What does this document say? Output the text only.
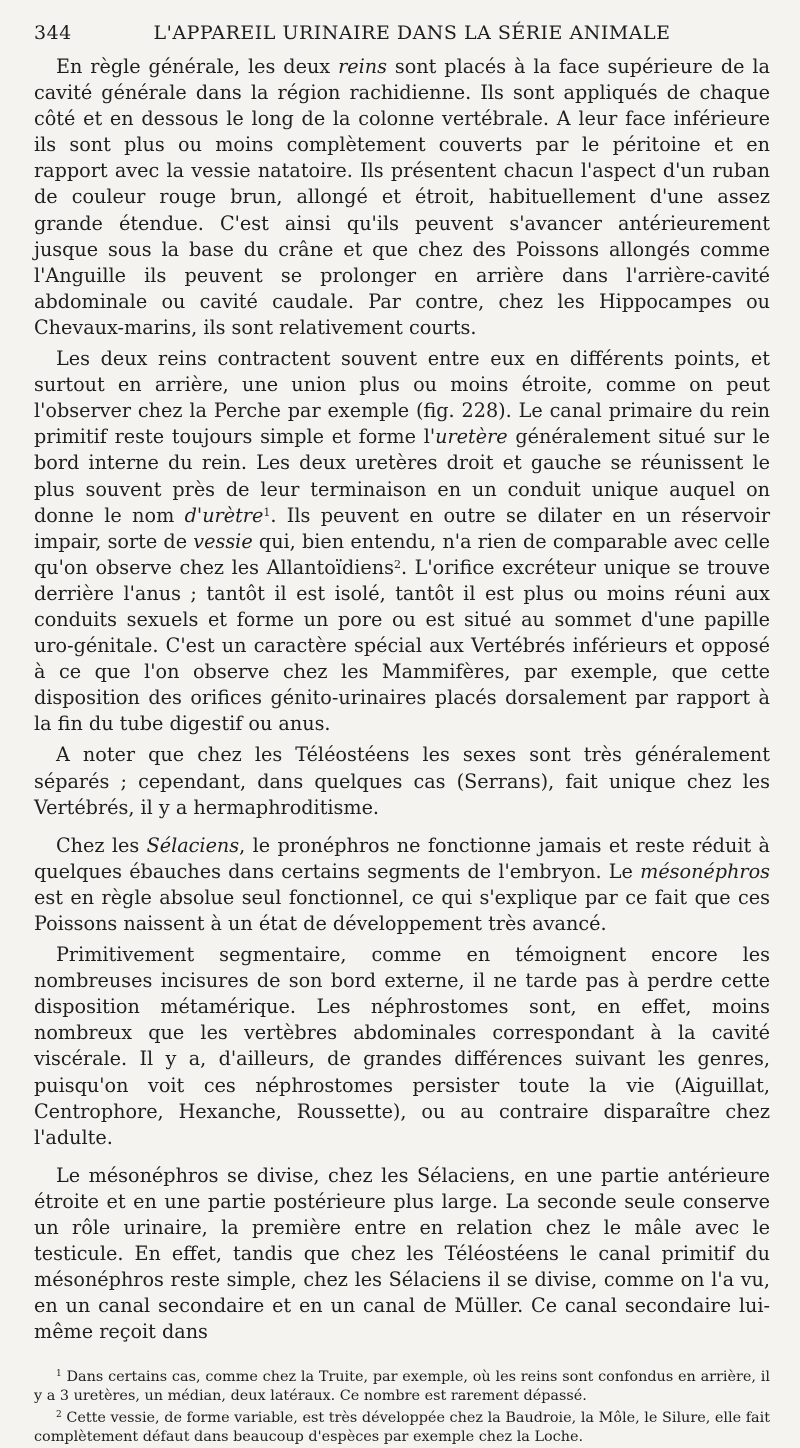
344	L'APPAREIL URINAIRE DANS LA SÉRIE ANIMALE

En règle générale, les deux reins sont placés à la face supérieure de la cavité générale dans la région rachidienne. Ils sont appliqués de chaque côté et en dessous le long de la colonne vertébrale. A leur face inférieure ils sont plus ou moins complètement couverts par le péritoine et en rapport avec la vessie natatoire. Ils présentent chacun l'aspect d'un ruban de couleur rouge brun, allongé et étroit, habituellement d'une assez grande étendue. C'est ainsi qu'ils peuvent s'avancer antérieurement jusque sous la base du crâne et que chez des Poissons allongés comme l'Anguille ils peuvent se prolonger en arrière dans l'arrière-cavité abdominale ou cavité caudale. Par contre, chez les Hippocampes ou Chevaux-marins, ils sont relativement courts.

Les deux reins contractent souvent entre eux en différents points, et surtout en arrière, une union plus ou moins étroite, comme on peut l'observer chez la Perche par exemple (fig. 228). Le canal primaire du rein primitif reste toujours simple et forme l'uretère généralement situé sur le bord interne du rein. Les deux uretères droit et gauche se réunissent le plus souvent près de leur terminaison en un conduit unique auquel on donne le nom d'urètre$^1$. Ils peuvent en outre se dilater en un réservoir impair, sorte de vessie qui, bien entendu, n'a rien de comparable avec celle qu'on observe chez les Allantoïdiens$^2$. L'orifice excréteur unique se trouve derrière l'anus ; tantôt il est isolé, tantôt il est plus ou moins réuni aux conduits sexuels et forme un pore ou est situé au sommet d'une papille uro-génitale. C'est un caractère spécial aux Vertébrés inférieurs et opposé à ce que l'on observe chez les Mammifères, par exemple, que cette disposition des orifices génito-urinaires placés dorsalement par rapport à la fin du tube digestif ou anus.

A noter que chez les Téléostéens les sexes sont très généralement séparés ; cependant, dans quelques cas (Serrans), fait unique chez les Vertébrés, il y a hermaphroditisme.

Chez les Sélaciens, le pronéphros ne fonctionne jamais et reste réduit à quelques ébauches dans certains segments de l'embryon. Le mésonéphros est en règle absolue seul fonctionnel, ce qui s'explique par ce fait que ces Poissons naissent à un état de développement très avancé.

Primitivement segmentaire, comme en témoignent encore les nombreuses incisures de son bord externe, il ne tarde pas à perdre cette disposition métamérique. Les néphrostomes sont, en effet, moins nombreux que les vertèbres abdominales correspondant à la cavité viscérale. Il y a, d'ailleurs, de grandes différences suivant les genres, puisqu'on voit ces néphrostomes persister toute la vie (Aiguillat, Centrophore, Hexanche, Roussette), ou au contraire disparaître chez l'adulte.

Le mésonéphros se divise, chez les Sélaciens, en une partie antérieure étroite et en une partie postérieure plus large. La seconde seule conserve un rôle urinaire, la première entre en relation chez le mâle avec le testicule. En effet, tandis que chez les Téléostéens le canal primitif du mésonéphros reste simple, chez les Sélaciens il se divise, comme on l'a vu, en un canal secondaire et en un canal de Müller. Ce canal secondaire lui-même reçoit dans

$^1$ Dans certains cas, comme chez la Truite, par exemple, où les reins sont confondus en arrière, il y a 3 uretères, un médian, deux latéraux. Ce nombre est rarement dépassé.

$^2$ Cette vessie, de forme variable, est très développée chez la Baudroie, la Môle, le Silure, elle fait complètement défaut dans beaucoup d'espèces par exemple chez la Loche.
